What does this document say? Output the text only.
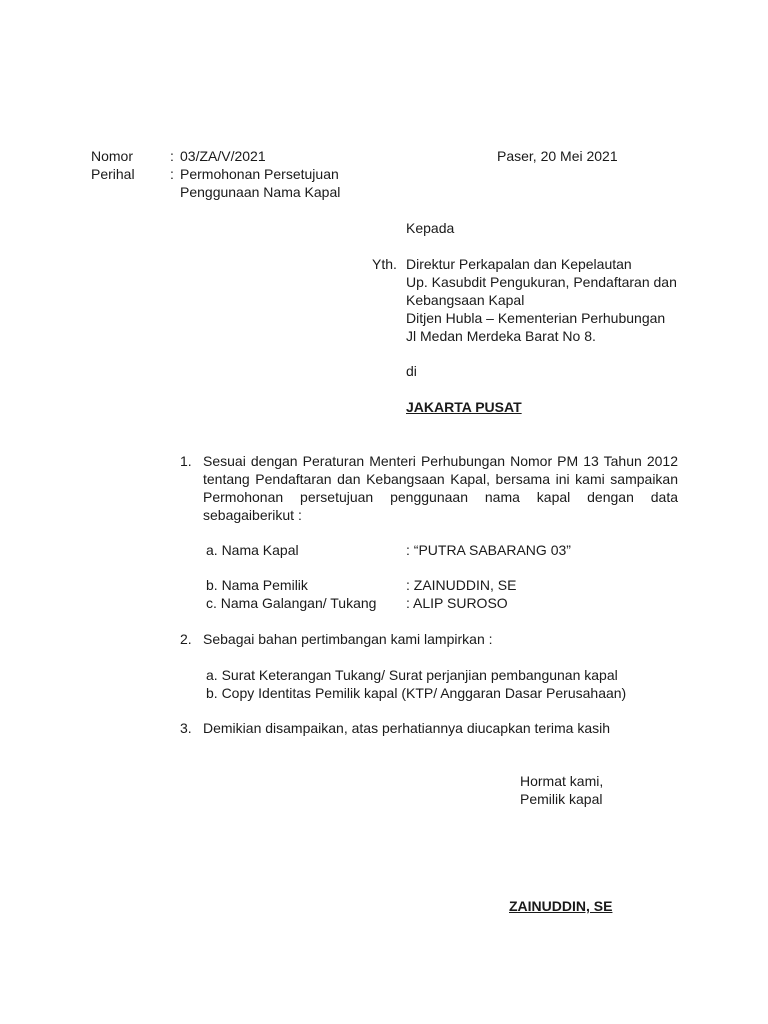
Nomor	: 03/ZA/V/2021	Paser, 20 Mei 2021
Perihal	: Permohonan Persetujuan
Penggunaan Nama Kapal
Kepada
Yth. Direktur Perkapalan dan Kepelautan
Up. Kasubdit Pengukuran, Pendaftaran dan
Kebangsaan Kapal
Ditjen Hubla – Kementerian Perhubungan
Jl Medan Merdeka Barat No 8.
di
JAKARTA PUSAT
1. Sesuai dengan Peraturan Menteri Perhubungan Nomor PM 13 Tahun 2012 tentang Pendaftaran dan Kebangsaan Kapal, bersama ini kami sampaikan Permohonan persetujuan penggunaan nama kapal dengan data sebagaiberikut :
a. Nama Kapal	: “PUTRA SABARANG 03”
b. Nama Pemilik	: ZAINUDDIN, SE
c. Nama Galangan/ Tukang : ALIP SUROSO
2. Sebagai bahan pertimbangan kami lampirkan :
a. Surat Keterangan Tukang/ Surat perjanjian pembangunan kapal
b. Copy Identitas Pemilik kapal (KTP/ Anggaran Dasar Perusahaan)
3. Demikian disampaikan, atas perhatiannya diucapkan terima kasih
Hormat kami,
Pemilik kapal
ZAINUDDIN, SE
